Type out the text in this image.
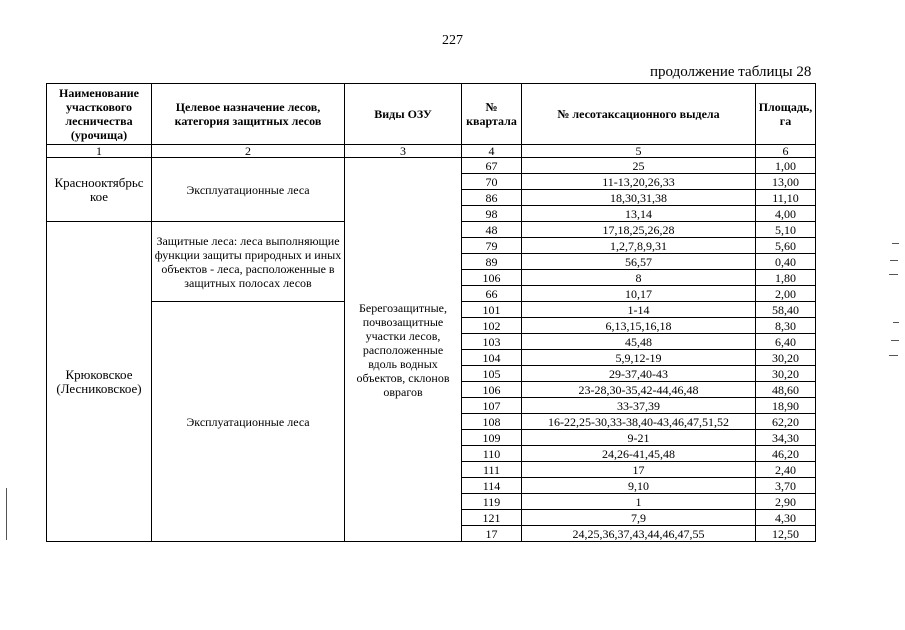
227
продолжение таблицы 28
Наименование участкового лесничества (урочища)	Целевое назначение лесов, категория защитных лесов	Виды ОЗУ	№ квартала	№ лесотаксационного выдела	Площадь, га
1	2	3	4	5	6
Краснооктябрьс кое	Эксплуатационные леса	Берегозащитные, почвозащитные участки лесов, расположенные вдоль водных объектов, склонов оврагов	67	25	1,00
			70	11-13,20,26,33	13,00
			86	18,30,31,38	11,10
			98	13,14	4,00
Крюковское (Лесниковское)	Защитные леса: леса выполняющие функции защиты природных и иных объектов - леса, расположенные в защитных полосах лесов		48	17,18,25,26,28	5,10
			79	1,2,7,8,9,31	5,60
			89	56,57	0,40
			106	8	1,80
			66	10,17	2,00
	Эксплуатационные леса		101	1-14	58,40
			102	6,13,15,16,18	8,30
			103	45,48	6,40
			104	5,9,12-19	30,20
			105	29-37,40-43	30,20
			106	23-28,30-35,42-44,46,48	48,60
			107	33-37,39	18,90
			108	16-22,25-30,33-38,40-43,46,47,51,52	62,20
			109	9-21	34,30
			110	24,26-41,45,48	46,20
			111	17	2,40
			114	9,10	3,70
			119	1	2,90
			121	7,9	4,30
			17	24,25,36,37,43,44,46,47,55	12,50
